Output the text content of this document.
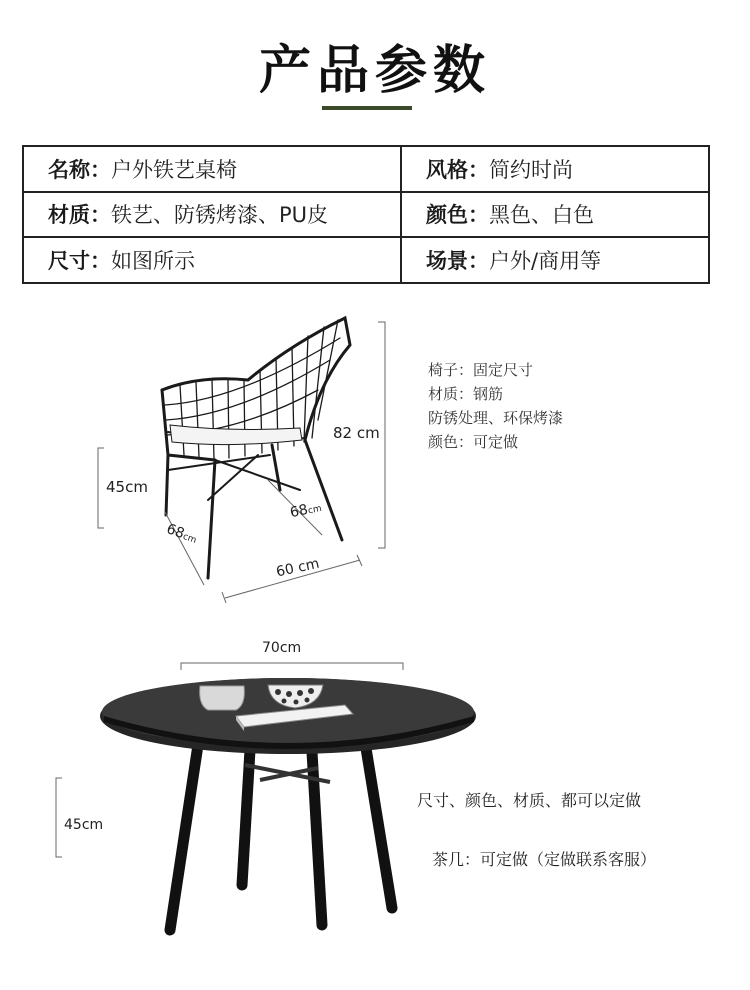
产品参数
名称：户外铁艺桌椅	风格：简约时尚
材质：铁艺、防锈烤漆、PU皮	颜色：黑色、白色
尺寸：如图所示	场景：户外/商用等
82 cm
45cm
68cm
68cm
60 cm
椅子：固定尺寸
材质：钢筋
防锈处理、环保烤漆
颜色：可定做
70cm
45cm
尺寸、颜色、材质、都可以定做
茶几：可定做（定做联系客服）
